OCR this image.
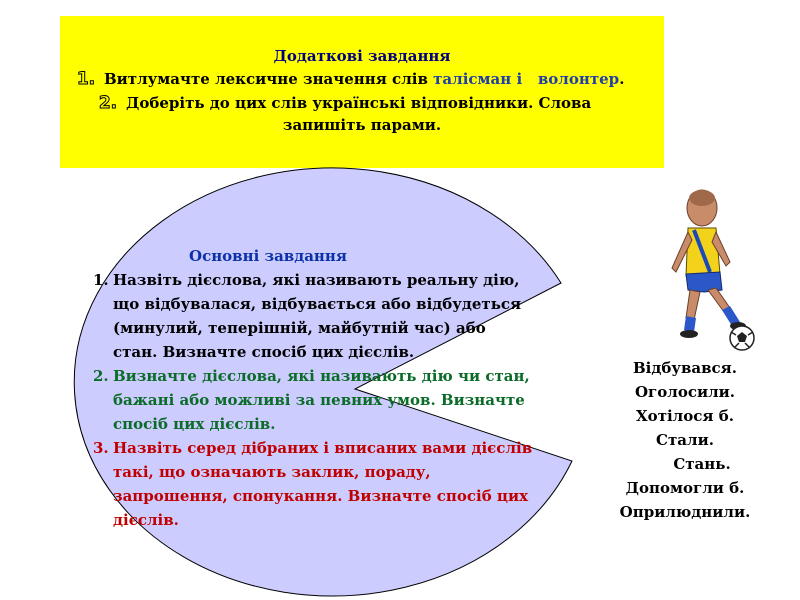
Додаткові завдання
1. Витлумачте лексичне значення слів талісман і   волонтер.
2. Доберіть до цих слів українські відповідники. Слова
запишіть парами.
Основні завдання
1. Назвіть дієслова, які називають реальну дію, що відбувалася, відбувається або відбудеться (минулий, теперішній, майбутній час) або стан. Визначте спосіб цих дієслів.
2. Визначте дієслова, які називають дію чи стан, бажані або можливі за певних умов. Визначте спосіб цих дієслів.
3. Назвіть серед дібраних і вписаних вами дієслів такі, що означають заклик, пораду, запрошення, спонукання. Визначте спосіб цих дієслів.
Відбувався.
Оголосили.
Хотілося б.
Стали.
Стань.
Допомогли б.
Оприлюднили.
